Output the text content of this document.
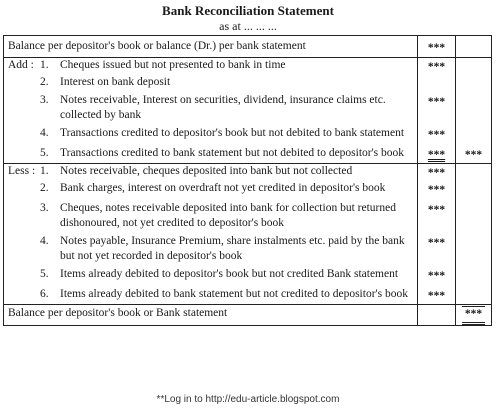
Bank Reconciliation Statement
as at ... ... ...
Balance per depositor's book or balance (Dr.) per bank statement	***	

Add : 1. Cheques issued but not presented to bank in time	***	

2. Interest on bank deposit		

3. Notes receivable, Interest on securities, dividend, insurance claims etc. collected by bank	***	

4. Transactions credited to depositor's book but not debited to bank statement	***	

5. Transactions credited to bank statement but not debited to depositor's book	***	***

Less : 1. Notes receivable, cheques deposited into bank but not collected	***	

2. Bank charges, interest on overdraft not yet credited in depositor's book	***	

3. Cheques, notes receivable deposited into bank for collection but returned dishonoured, not yet credited to depositor's book	***	

4. Notes payable, Insurance Premium, share instalments etc. paid by the bank but not yet recorded in depositor's book	***	

5. Items already debited to depositor's book but not credited Bank statement	***	

6. Items already debited to bank statement but not credited to depositor's book	***	
Balance per depositor's book or Bank statement		***
**Log in to http://edu-article.blogspot.com
